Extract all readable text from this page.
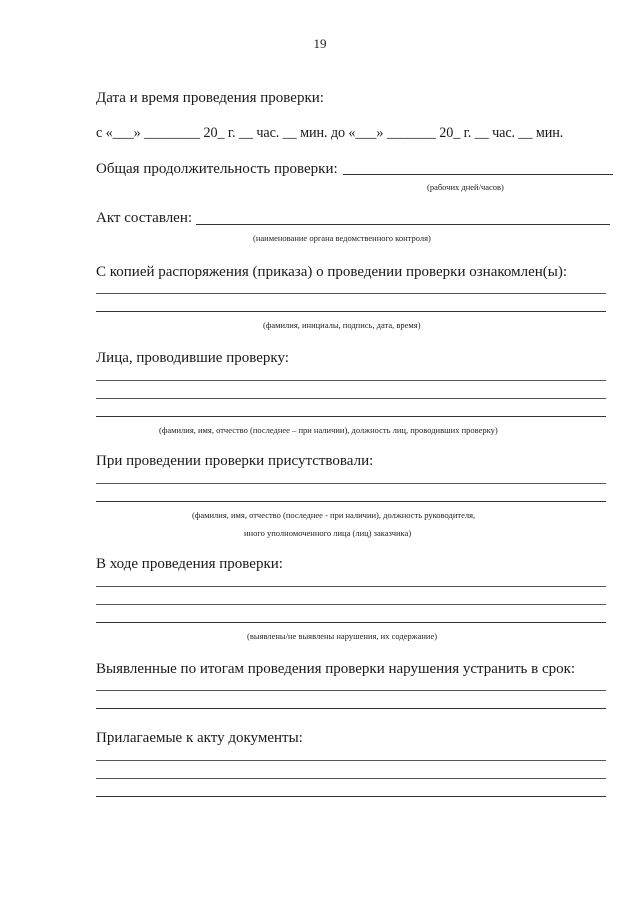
19
Дата и время проведения проверки:
с «___» ________ 20_ г. __ час. __ мин. до «___» _______ 20_ г. __ час. __ мин.
Общая продолжительность проверки:
(рабочих дней/часов)
Акт составлен:
(наименование органа ведомственного контроля)
С копией распоряжения (приказа) о проведении проверки ознакомлен(ы):
(фамилия, инициалы, подпись, дата, время)
Лица, проводившие проверку:
(фамилия, имя, отчество (последнее – при наличии), должность лиц, проводивших проверку)
При проведении проверки присутствовали:
(фамилия, имя, отчество (последнее - при наличии), должность руководителя,
иного уполномоченного лица (лиц) заказчика)
В ходе проведения проверки:
(выявлены/не выявлены нарушения, их содержание)
Выявленные по итогам проведения проверки нарушения устранить в срок:
Прилагаемые к акту документы:
